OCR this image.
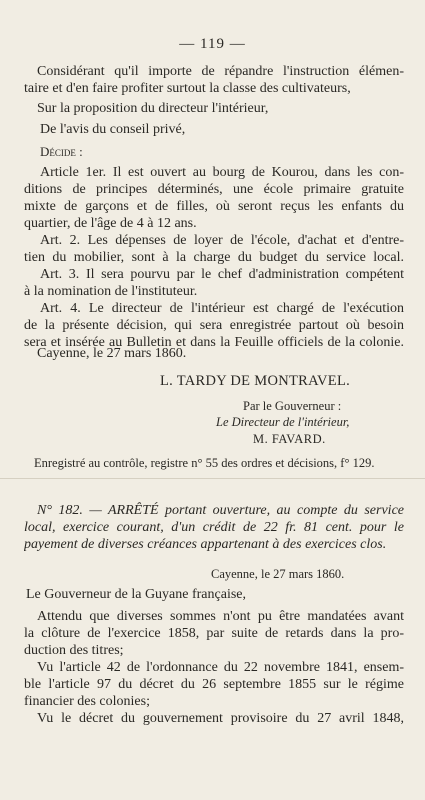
— 119 —
Considérant qu'il importe de répandre l'instruction élémen-
taire et d'en faire profiter surtout la classe des cultivateurs,
Sur la proposition du directeur l'intérieur,
De l'avis du conseil privé,
Décide :
Article 1er. Il est ouvert au bourg de Kourou, dans les con-
ditions de principes déterminés, une école primaire gratuite
mixte de garçons et de filles, où seront reçus les enfants du
quartier, de l'âge de 4 à 12 ans.
Art. 2. Les dépenses de loyer de l'école, d'achat et d'entre-
tien du mobilier, sont à la charge du budget du service local.
Art. 3. Il sera pourvu par le chef d'administration compétent
à la nomination de l'instituteur.
Art. 4. Le directeur de l'intérieur est chargé de l'exécution
de la présente décision, qui sera enregistrée partout où besoin
sera et insérée au Bulletin et dans la Feuille officiels de la colonie.
Cayenne, le 27 mars 1860.
L. TARDY DE MONTRAVEL.
Par le Gouverneur :
Le Directeur de l'intérieur,
M. FAVARD.
Enregistré au contrôle, registre n° 55 des ordres et décisions, f° 129.
N° 182. — ARRÊTÉ portant ouverture, au compte du service
local, exercice courant, d'un crédit de 22 fr. 81 cent. pour le
payement de diverses créances appartenant à des exercices clos.
Cayenne, le 27 mars 1860.
Le Gouverneur de la Guyane française,
Attendu que diverses sommes n'ont pu être mandatées avant
la clôture de l'exercice 1858, par suite de retards dans la pro-
duction des titres;
Vu l'article 42 de l'ordonnance du 22 novembre 1841, ensem-
ble l'article 97 du décret du 26 septembre 1855 sur le régime
financier des colonies;
Vu le décret du gouvernement provisoire du 27 avril 1848,
